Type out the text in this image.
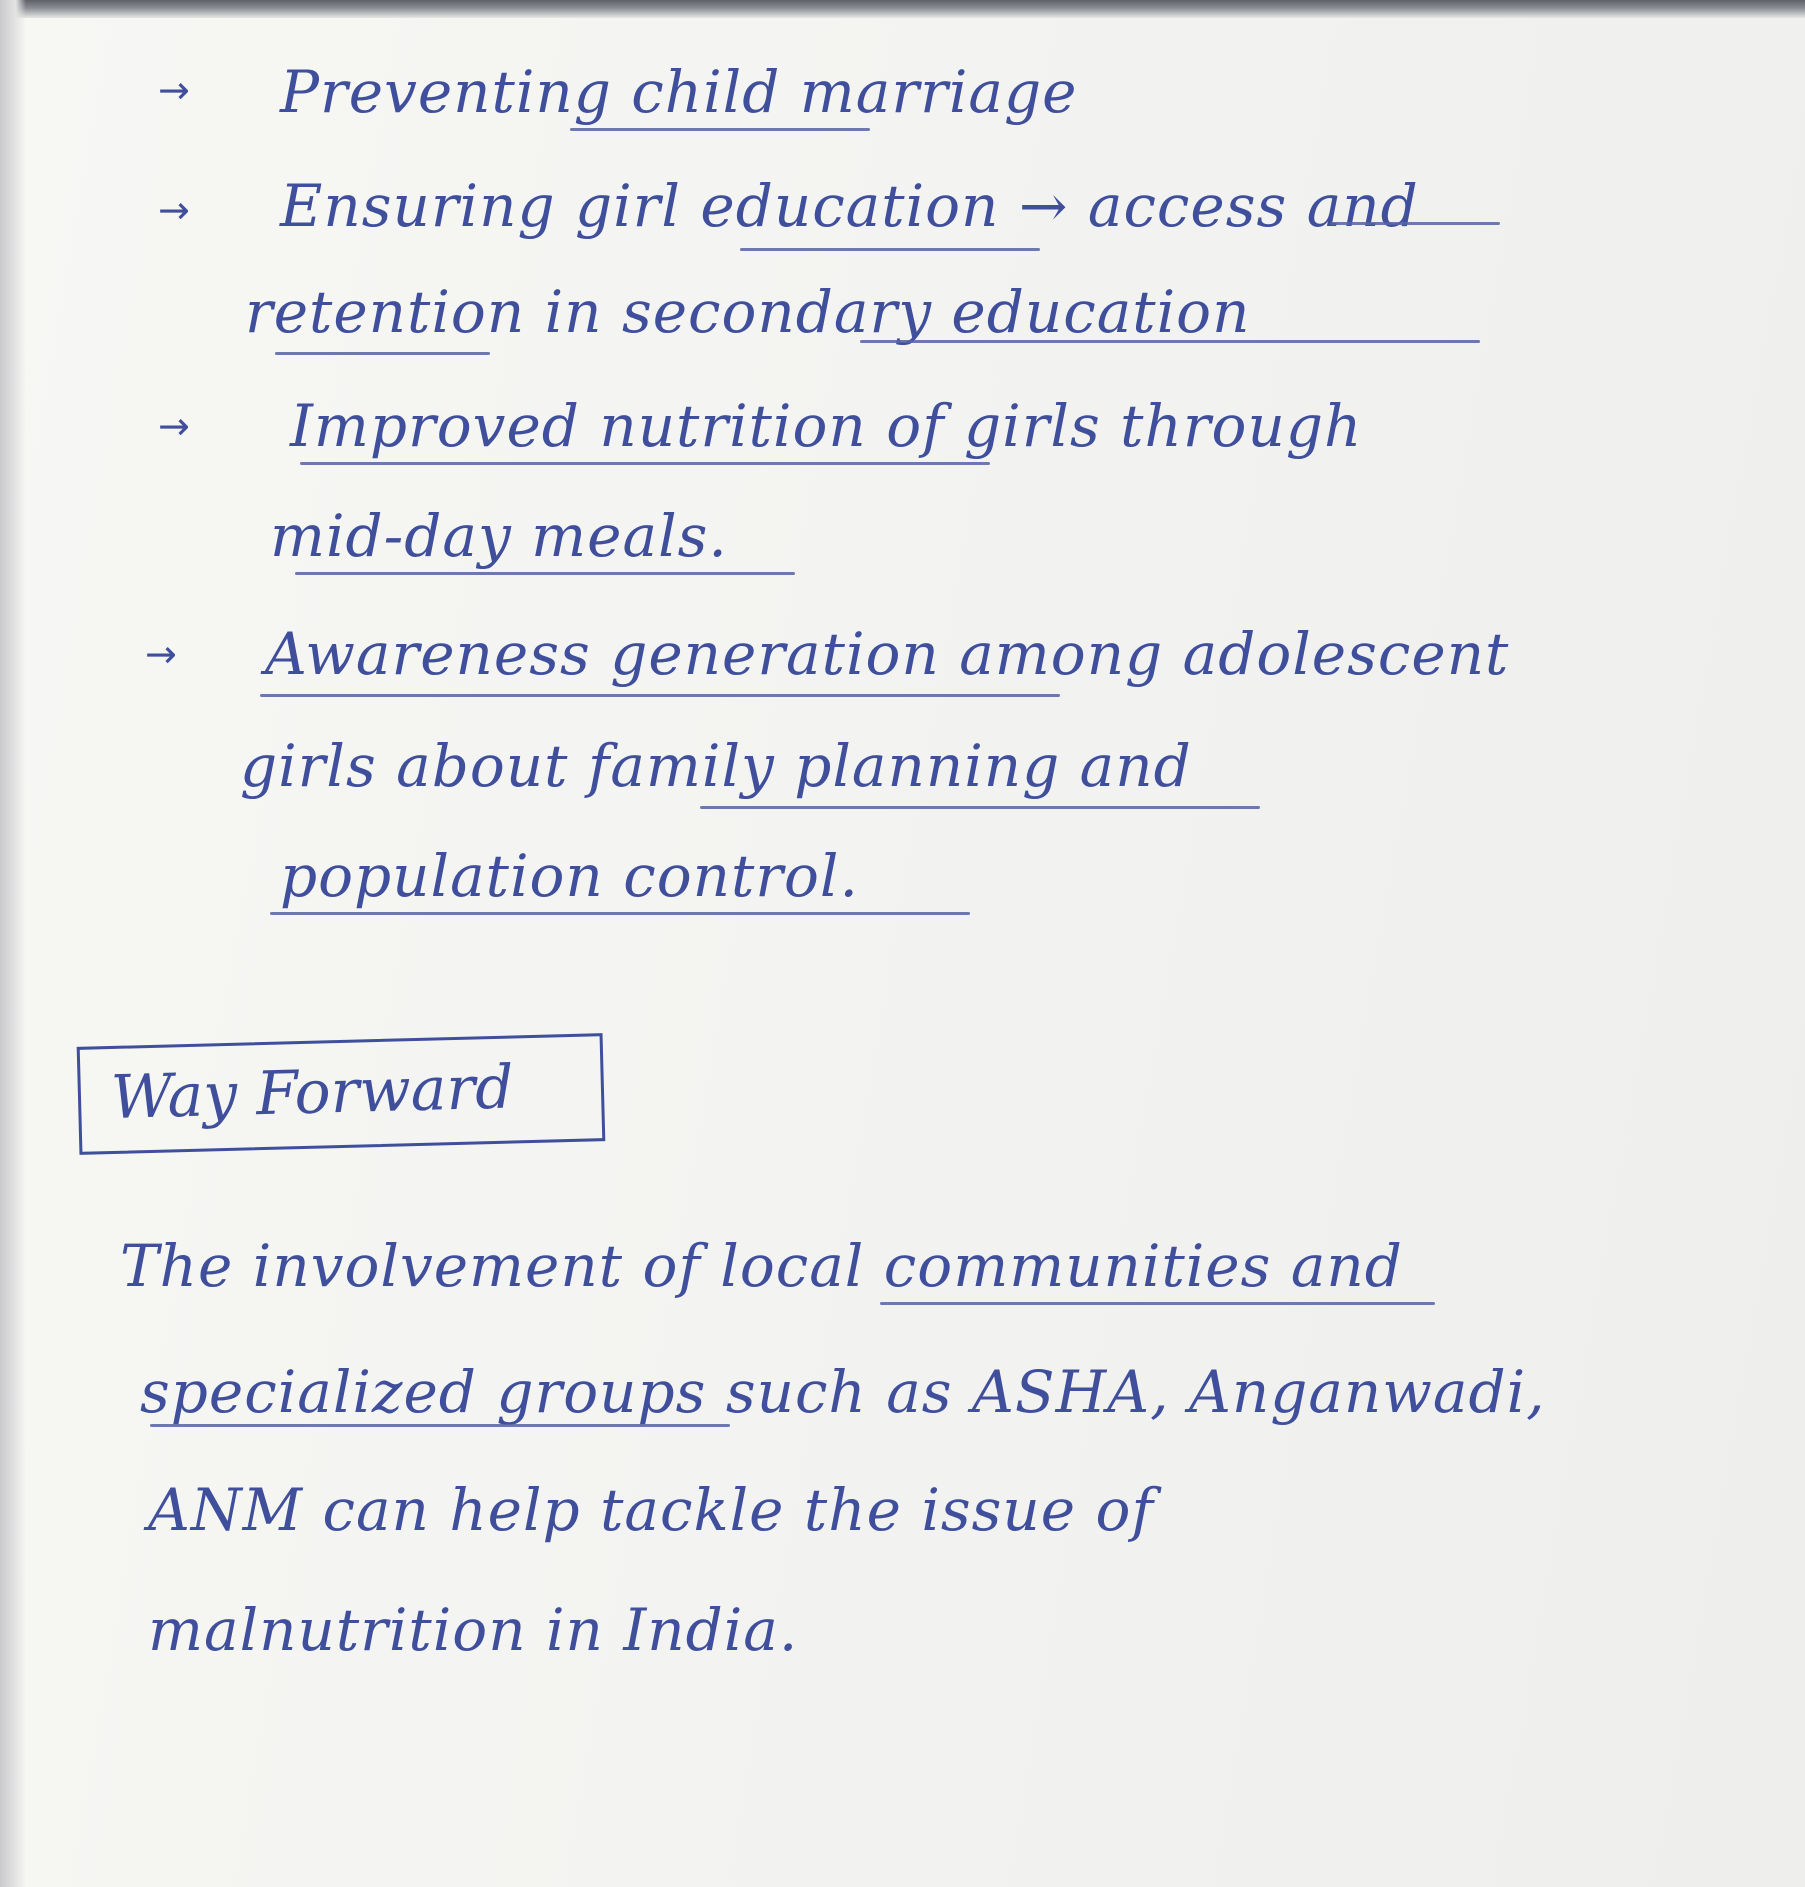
→ Preventing child marriage
→ Ensuring girl education → access and
retention in secondary education
→ Improved nutrition of girls through
mid-day meals.
→ Awareness generation among adolescent
girls about family planning and
population control.
Way Forward
The involvement of local communities and
specialized groups such as ASHA, Anganwadi,
ANM can help tackle the issue of
malnutrition in India.
